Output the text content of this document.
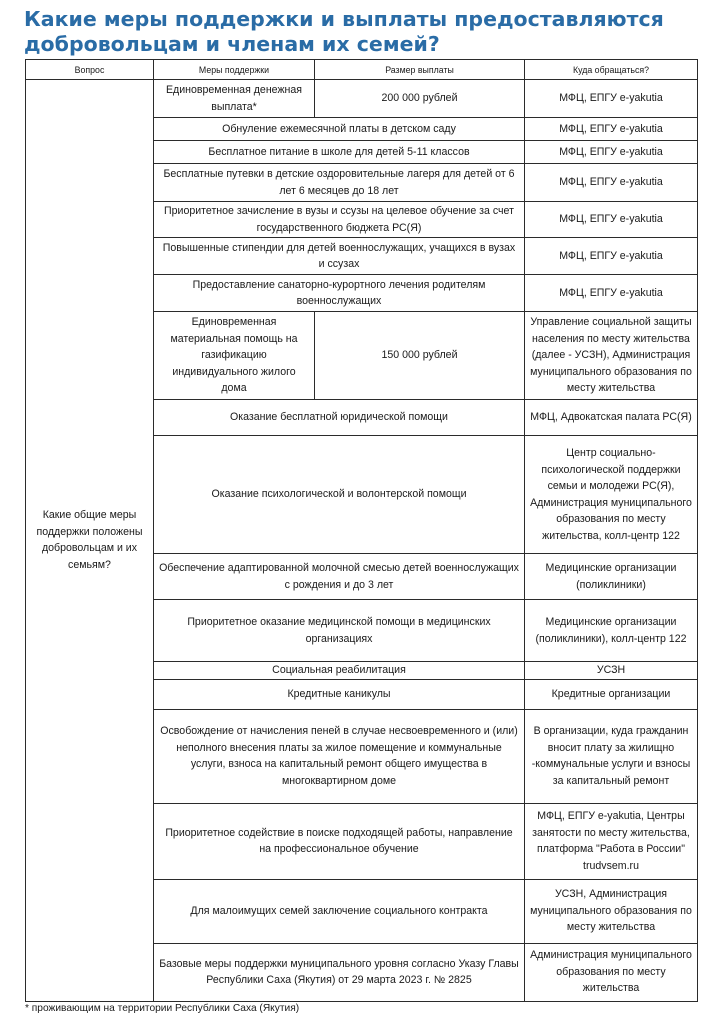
Какие меры поддержки и выплаты предоставляются добровольцам и членам их семей?
Вопрос	Меры поддержки	Размер выплаты	Куда обращаться?
Какие общие меры поддержки положены добровольцам и их семьям?	Единовременная денежная выплата*	200 000 рублей	МФЦ, ЕПГУ e-yakutia
	Обнуление ежемесячной платы в детском саду		МФЦ, ЕПГУ e-yakutia
	Бесплатное питание в школе для детей 5-11 классов		МФЦ, ЕПГУ e-yakutia
	Бесплатные путевки в детские оздоровительные лагеря для детей от 6 лет 6 месяцев до 18 лет		МФЦ, ЕПГУ e-yakutia
	Приоритетное зачисление в вузы и ссузы на целевое обучение за счет государственного бюджета РС(Я)		МФЦ, ЕПГУ e-yakutia
	Повышенные стипендии для детей военнослужащих, учащихся в вузах и ссузах		МФЦ, ЕПГУ e-yakutia
	Предоставление санаторно-курортного лечения родителям военнослужащих		МФЦ, ЕПГУ e-yakutia
	Единовременная материальная помощь на газификацию индивидуального жилого дома	150 000 рублей	Управление социальной защиты населения по месту жительства (далее - УСЗН), Администрация муниципального образования по месту жительства
	Оказание бесплатной юридической помощи		МФЦ, Адвокатская палата РС(Я)
	Оказание психологической и волонтерской помощи		Центр социально-психологической поддержки семьи и молодежи РС(Я), Администрация муниципального образования по месту жительства, колл-центр 122
	Обеспечение адаптированной молочной смесью детей военнослужащих с рождения и до 3 лет		Медицинские организации (поликлиники)
	Приоритетное оказание медицинской помощи в медицинских организациях		Медицинские организации (поликлиники), колл-центр 122
	Социальная реабилитация		УСЗН
	Кредитные каникулы		Кредитные организации
	Освобождение от начисления пеней в случае несвоевременного и (или) неполного внесения платы за жилое помещение и коммунальные услуги, взноса на капитальный ремонт общего имущества в многоквартирном доме		В организации, куда гражданин вносит плату за жилищно -коммунальные услуги и взносы за капитальный ремонт
	Приоритетное содействие в поиске подходящей работы, направление на профессиональное обучение		МФЦ, ЕПГУ e-yakutia, Центры занятости по месту жительства, платформа "Работа в России" trudvsem.ru
	Для малоимущих семей заключение социального контракта		УСЗН, Администрация муниципального образования по месту жительства
	Базовые меры поддержки муниципального уровня согласно Указу Главы Республики Саха (Якутия) от 29 марта 2023 г. № 2825		Администрация муниципального образования по месту жительства

* проживающим на территории Республики Саха (Якутия)
